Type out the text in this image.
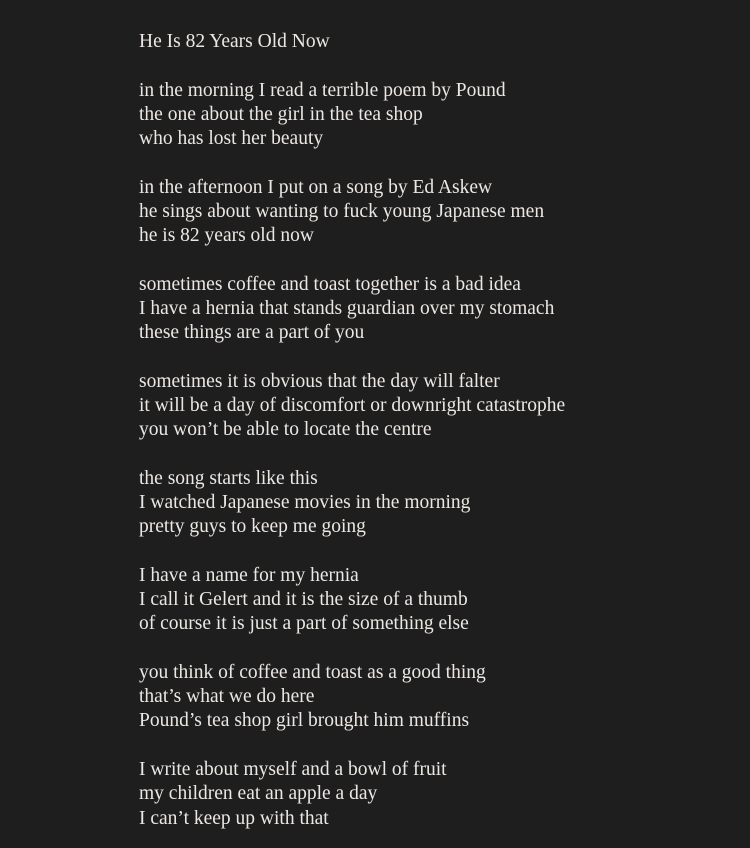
He Is 82 Years Old Now
in the morning I read a terrible poem by Pound
the one about the girl in the tea shop
who has lost her beauty
in the afternoon I put on a song by Ed Askew
he sings about wanting to fuck young Japanese men
he is 82 years old now
sometimes coffee and toast together is a bad idea
I have a hernia that stands guardian over my stomach
these things are a part of you
sometimes it is obvious that the day will falter
it will be a day of discomfort or downright catastrophe
you won’t be able to locate the centre
the song starts like this
I watched Japanese movies in the morning
pretty guys to keep me going
I have a name for my hernia
I call it Gelert and it is the size of a thumb
of course it is just a part of something else
you think of coffee and toast as a good thing
that’s what we do here
Pound’s tea shop girl brought him muffins
I write about myself and a bowl of fruit
my children eat an apple a day
I can’t keep up with that
